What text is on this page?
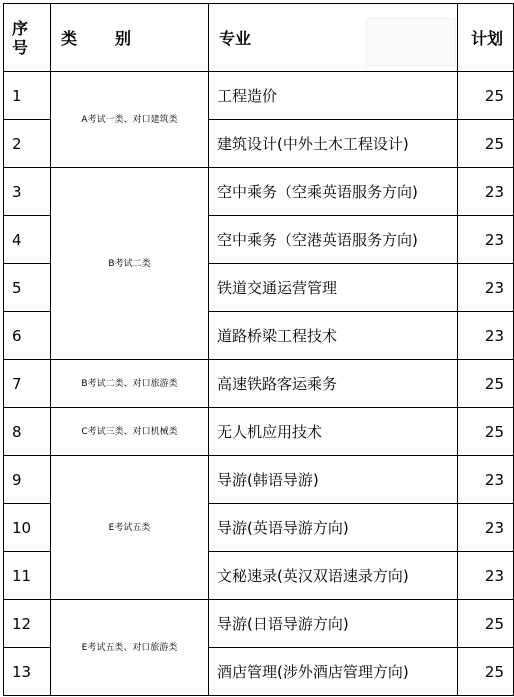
序
号	类 别	专业	计划
1	A考试一类、对口建筑类	工程造价	25
2		建筑设计(中外土木工程设计)	25
3	B考试二类	空中乘务（空乘英语服务方向)	23
4		空中乘务（空港英语服务方向)	23
5		铁道交通运营管理	23
6		道路桥梁工程技术	23
7	B考试二类、对口旅游类	高速铁路客运乘务	25
8	C考试三类、对口机械类	无人机应用技术	25
9	E考试五类	导游(韩语导游)	23
10		导游(英语导游方向)	23
11		文秘速录(英汉双语速录方向)	23
12	E考试五类、对口旅游类	导游(日语导游方向)	25
13		酒店管理(涉外酒店管理方向)	25
